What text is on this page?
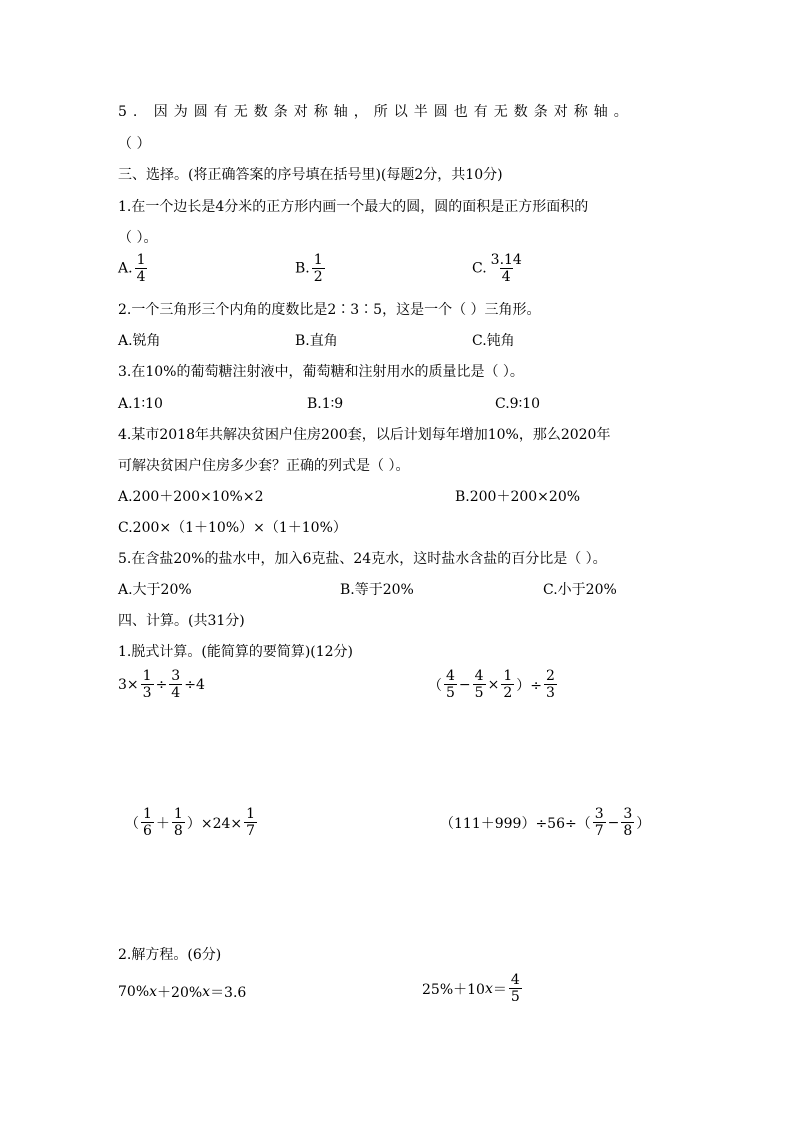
5. 因为圆有无数条对称轴，所以半圆也有无数条对称轴。
（ ）
三、选择。(将正确答案的序号填在括号里)(每题2分，共10分)
1.在一个边长是4分米的正方形内画一个最大的圆，圆的面积是正方形面积的
（ ）。
A. $\frac{1}{4}$	B. $\frac{1}{2}$	C. $\frac{3.14}{4}$
2.一个三角形三个内角的度数比是2∶3∶5，这是一个（ ）三角形。
A.锐角	B.直角	C.钝角
3.在10%的葡萄糖注射液中，葡萄糖和注射用水的质量比是（ ）。
A.1∶10	B.1∶9	C.9∶10
4.某市2018年共解决贫困户住房200套，以后计划每年增加10%，那么2020年
可解决贫困户住房多少套？正确的列式是（ ）。
A.200＋200×10%×2	B.200＋200×20%
C.200×（1＋10%）×（1＋10%）
5.在含盐20%的盐水中，加入6克盐、24克水，这时盐水含盐的百分比是（ ）。
A.大于20%	B.等于20%	C.小于20%
四、计算。(共31分)
1.脱式计算。(能简算的要简算)(12分)
$3\times \frac{1}{3} \div \frac{3}{4} \div 4$	（ $\frac{4}{5} - \frac{4}{5} \times \frac{1}{2}$ ）÷ $\frac{2}{3}$
（ $\frac{1}{6} + \frac{1}{8} )\times 24\times \frac{1}{7}$	$(111+999)\div 56\div( \frac{3}{7} - \frac{3}{8}$ ）
2.解方程。(6分)
70% x ＋20% x ＝3.6	25%＋10 $x = \frac{4}{5}$
